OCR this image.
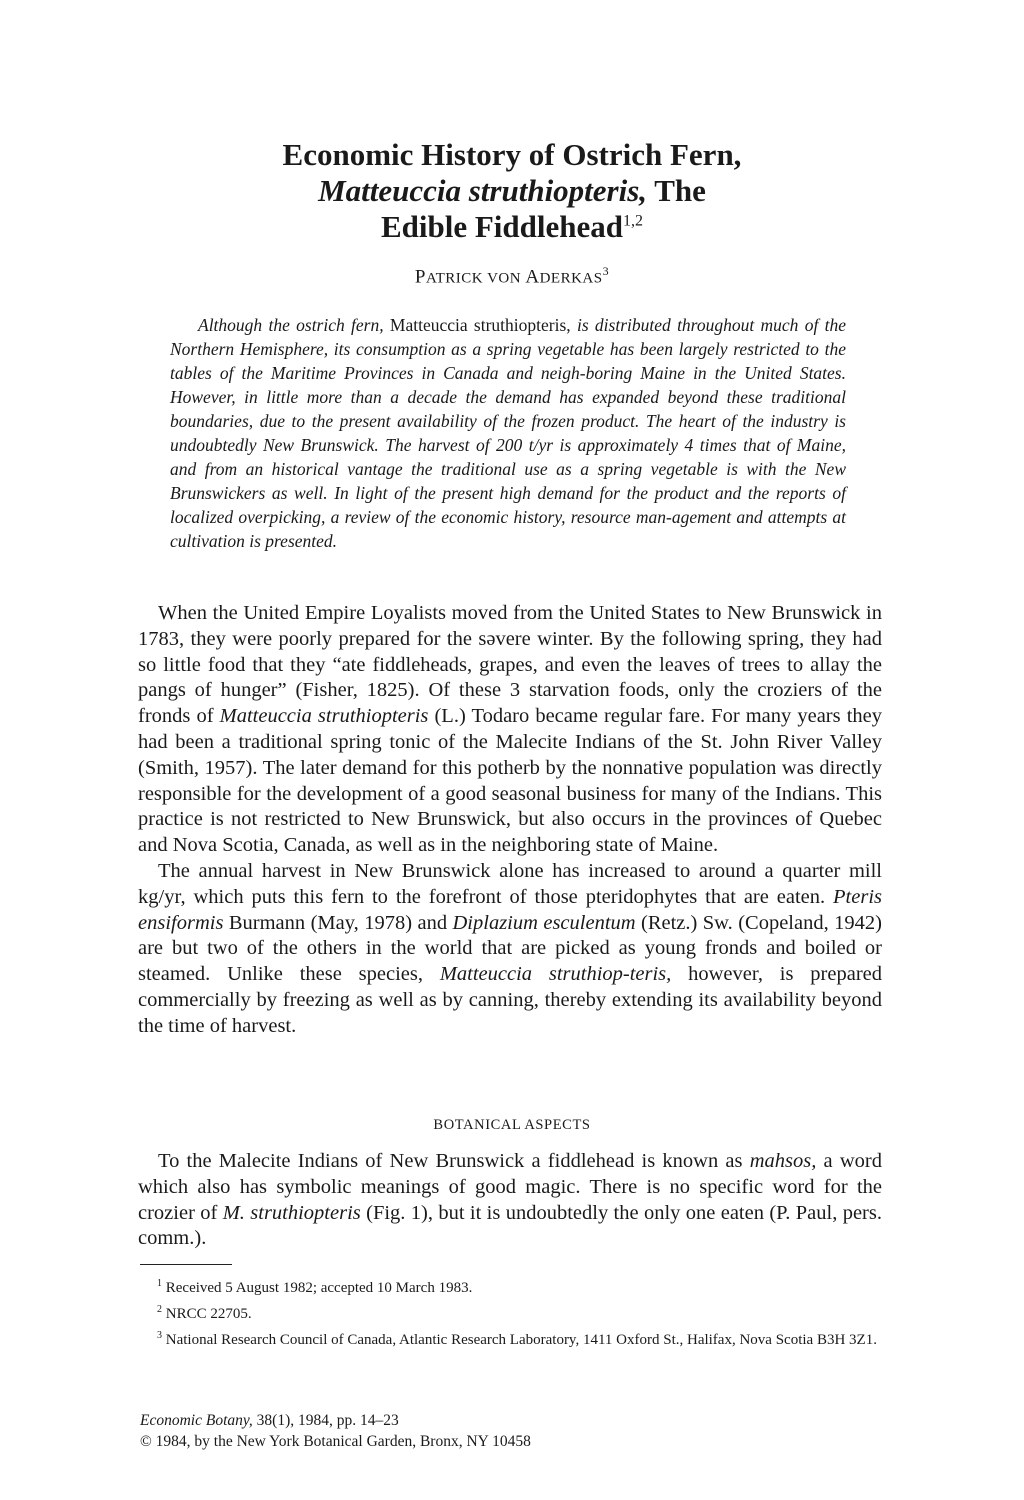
Economic History of Ostrich Fern,
Matteuccia struthiopteris, The
Edible Fiddlehead$^{1,2}$
PATRICK VON ADERKAS$^3$

Although the ostrich fern, Matteuccia struthiopteris, is distributed throughout much of the Northern Hemisphere, its consumption as a spring vegetable has been largely restricted to the tables of the Maritime Provinces in Canada and neigh-boring Maine in the United States. However, in little more than a decade the demand has expanded beyond these traditional boundaries, due to the present availability of the frozen product. The heart of the industry is undoubtedly New Brunswick. The harvest of 200 t/yr is approximately 4 times that of Maine, and from an historical vantage the traditional use as a spring vegetable is with the New Brunswickers as well. In light of the present high demand for the product and the reports of localized overpicking, a review of the economic history, resource man-agement and attempts at cultivation is presented.

When the United Empire Loyalists moved from the United States to New Brunswick in 1783, they were poorly prepared for the səvere winter. By the following spring, they had so little food that they “ate fiddleheads, grapes, and even the leaves of trees to allay the pangs of hunger” (Fisher, 1825). Of these 3 starvation foods, only the croziers of the fronds of Matteuccia struthiopteris (L.) Todaro became regular fare. For many years they had been a traditional spring tonic of the Malecite Indians of the St. John River Valley (Smith, 1957). The later demand for this potherb by the nonnative population was directly responsible for the development of a good seasonal business for many of the Indians. This practice is not restricted to New Brunswick, but also occurs in the provinces of Quebec and Nova Scotia, Canada, as well as in the neighboring state of Maine.

The annual harvest in New Brunswick alone has increased to around a quarter mill kg/yr, which puts this fern to the forefront of those pteridophytes that are eaten. Pteris ensiformis Burmann (May, 1978) and Diplazium esculentum (Retz.) Sw. (Copeland, 1942) are but two of the others in the world that are picked as young fronds and boiled or steamed. Unlike these species, Matteuccia struthiop-teris, however, is prepared commercially by freezing as well as by canning, thereby extending its availability beyond the time of harvest.

BOTANICAL ASPECTS

To the Malecite Indians of New Brunswick a fiddlehead is known as mahsos, a word which also has symbolic meanings of good magic. There is no specific word for the crozier of M. struthiopteris (Fig. 1), but it is undoubtedly the only one eaten (P. Paul, pers. comm.).

$^1$ Received 5 August 1982; accepted 10 March 1983.

$^2$ NRCC 22705.

$^3$ National Research Council of Canada, Atlantic Research Laboratory, 1411 Oxford St., Halifax, Nova Scotia B3H 3Z1.

Economic Botany, 38(1), 1984, pp. 14–23
© 1984, by the New York Botanical Garden, Bronx, NY 10458
